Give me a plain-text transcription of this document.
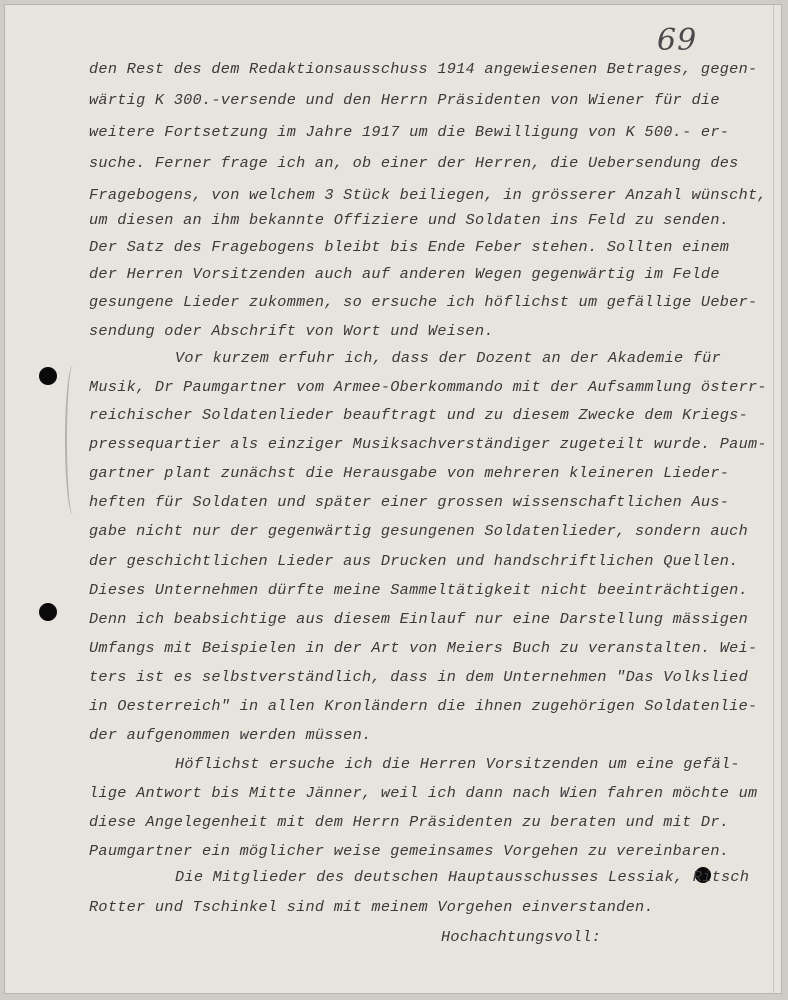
69
den Rest des dem Redaktionsausschuss 1914 angewiesenen Betrages, gegen-
wärtig K 300.-versende und den Herrn Präsidenten von Wiener für die
weitere Fortsetzung im Jahre 1917 um die Bewilligung von K 500.- er-
suche. Ferner frage ich an, ob einer der Herren, die Uebersendung des
Fragebogens, von welchem 3 Stück beiliegen, in grösserer Anzahl wünscht,
um diesen an ihm bekannte Offiziere und Soldaten ins Feld zu senden.
Der Satz des Fragebogens bleibt bis Ende Feber stehen. Sollten einem
der Herren Vorsitzenden auch auf anderen Wegen gegenwärtig im Felde
gesungene Lieder zukommen, so ersuche ich höflichst um gefällige Ueber-
sendung oder Abschrift von Wort und Weisen.
Vor kurzem erfuhr ich, dass der Dozent an der Akademie für
Musik, Dr Paumgartner vom Armee-Oberkommando mit der Aufsammlung österr-
reichischer Soldatenlieder beauftragt und zu diesem Zwecke dem Kriegs-
pressequartier als einziger Musiksachverständiger zugeteilt wurde. Paum-
gartner plant zunächst die Herausgabe von mehreren kleineren Lieder-
heften für Soldaten und später einer grossen wissenschaftlichen Aus-
gabe nicht nur der gegenwärtig gesungenen Soldatenlieder, sondern auch
der geschichtlichen Lieder aus Drucken und handschriftlichen Quellen.
Dieses Unternehmen dürfte meine Sammeltätigkeit nicht beeinträchtigen.
Denn ich beabsichtige aus diesem Einlauf nur eine Darstellung mässigen
Umfangs mit Beispielen in der Art von Meiers Buch zu veranstalten. Wei-
ters ist es selbstverständlich, dass in dem Unternehmen "Das Volkslied
in Oesterreich" in allen Kronländern die ihnen zugehörigen Soldatenlie-
der aufgenommen werden müssen.
Höflichst ersuche ich die Herren Vorsitzenden um eine gefäl-
lige Antwort bis Mitte Jänner, weil ich dann nach Wien fahren möchte um
diese Angelegenheit mit dem Herrn Präsidenten zu beraten und mit Dr.
Paumgartner ein möglicher weise gemeinsames Vorgehen zu vereinbaren.
Die Mitglieder des deutschen Hauptausschusses Lessiak, Ritsch
Rotter und Tschinkel sind mit meinem Vorgehen einverstanden.
Hochachtungsvoll:
